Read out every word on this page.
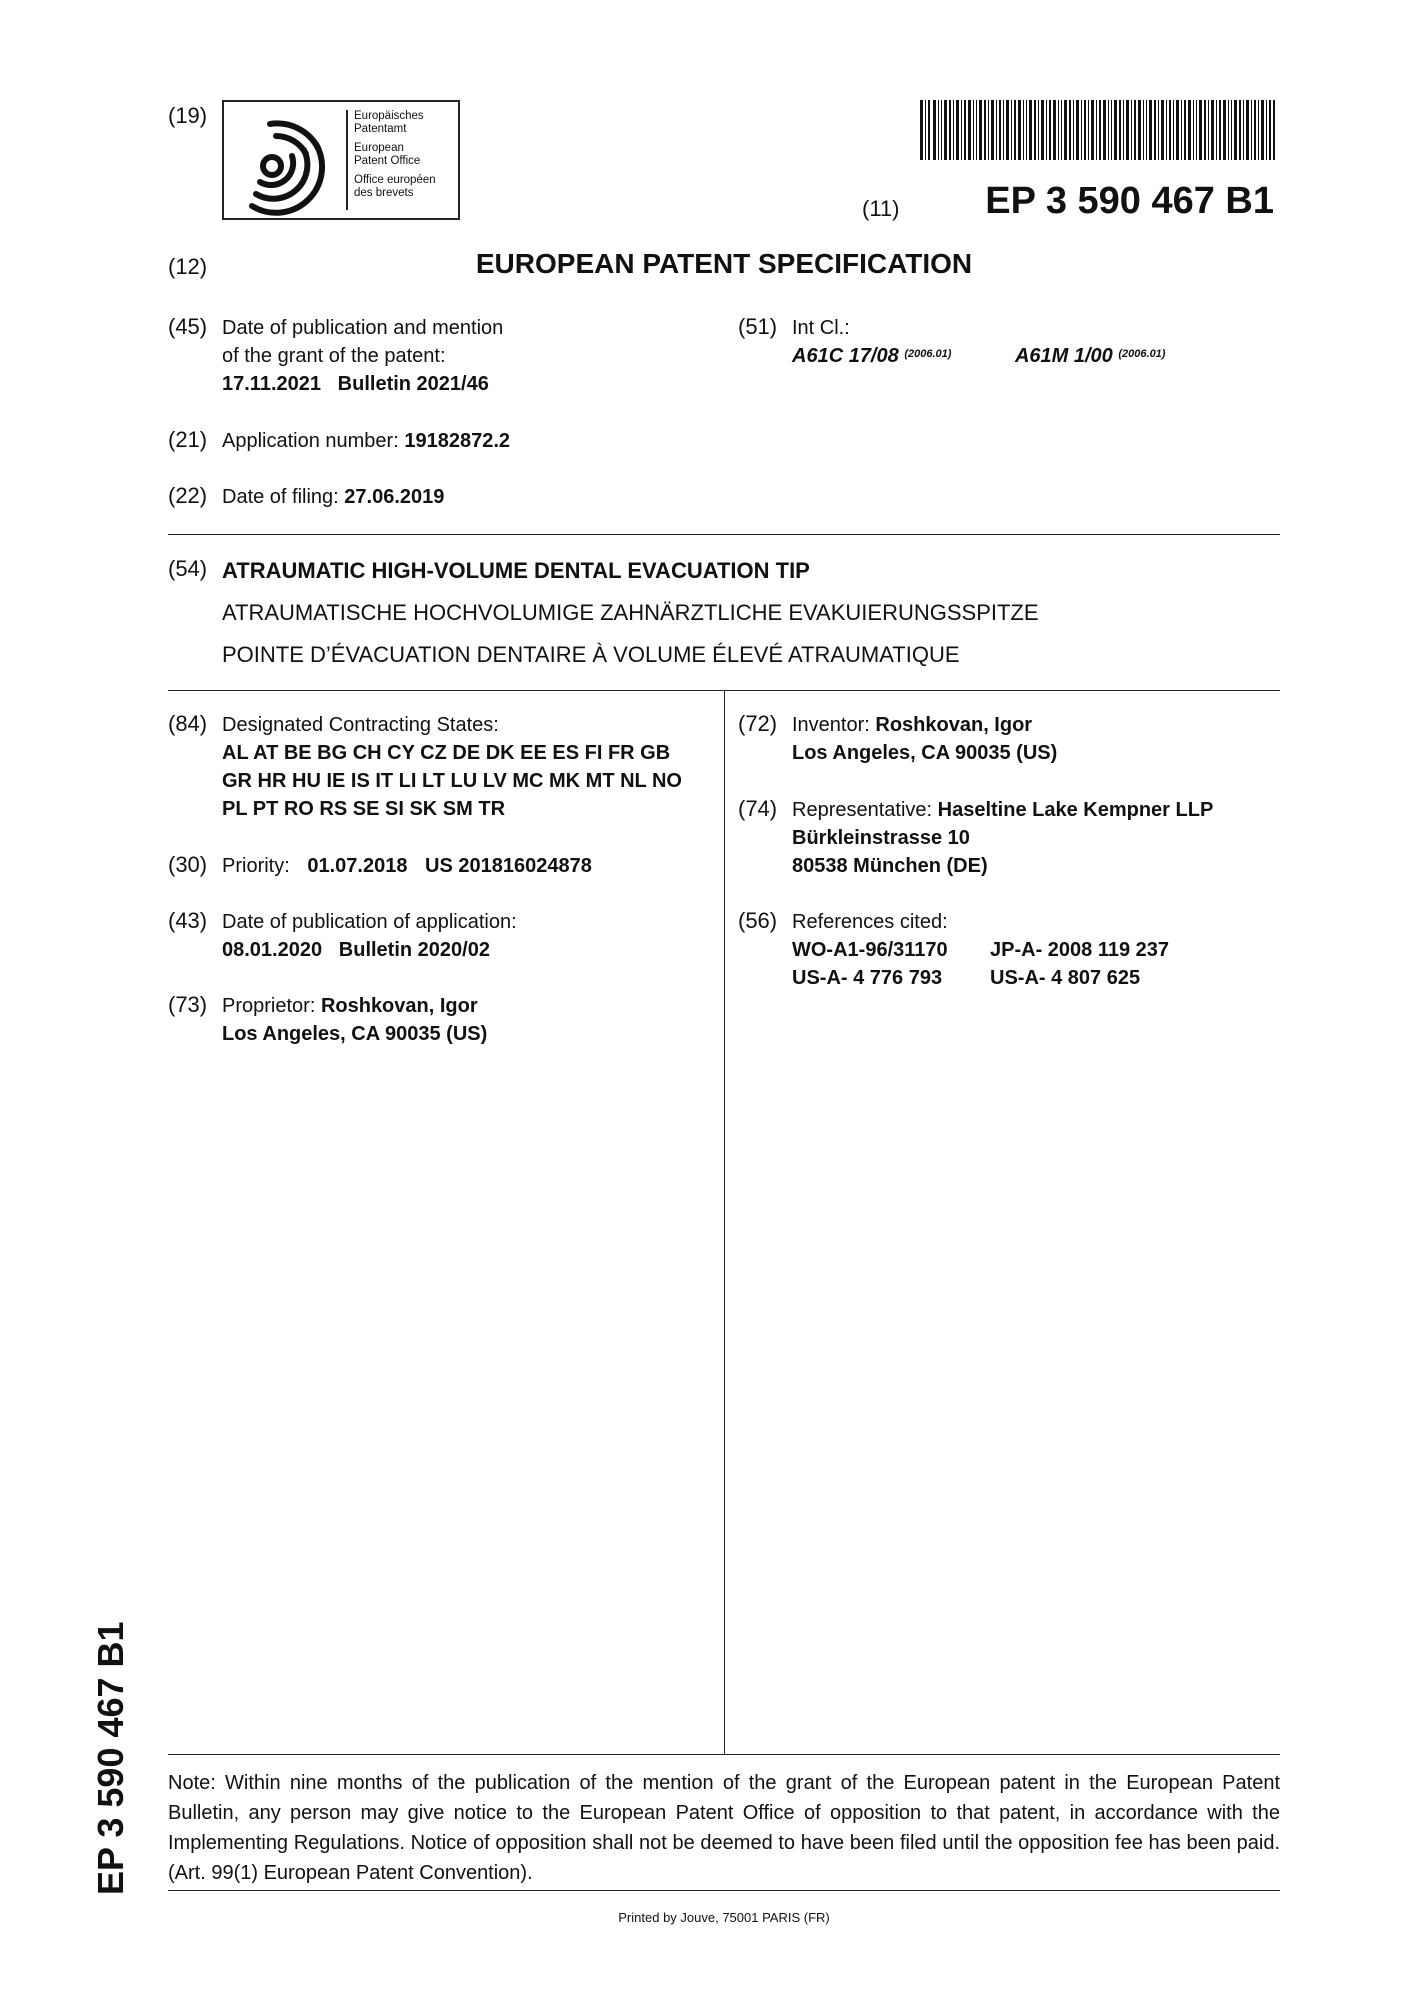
(19)	Europäisches
Patentamt
European
Patent Office
Office européen
des brevets
(11) EP 3 590 467 B1
(12)	EUROPEAN PATENT SPECIFICATION
(45) Date of publication and mention
of the grant of the patent:
17.11.2021 Bulletin 2021/46
(51) Int Cl.:
A61C 17/08 $^{(2006.01)}$	A61M 1/00 $^{(2006.01)}$
(21) Application number: 19182872.2
(22) Date of filing: 27.06.2019
(54) ATRAUMATIC HIGH-VOLUME DENTAL EVACUATION TIP
ATRAUMATISCHE HOCHVOLUMIGE ZAHNÄRZTLICHE EVAKUIERUNGSSPITZE
POINTE D’ÉVACUATION DENTAIRE À VOLUME ÉLEVÉ ATRAUMATIQUE
(84) Designated Contracting States:
AL AT BE BG CH CY CZ DE DK EE ES FI FR GB
GR HR HU IE IS IT LI LT LU LV MC MK MT NL NO
PL PT RO RS SE SI SK SM TR
(30) Priority: 01.07.2018 US 201816024878
(43) Date of publication of application:
08.01.2020 Bulletin 2020/02
(73) Proprietor: Roshkovan, Igor
Los Angeles, CA 90035 (US)
(72) Inventor: Roshkovan, Igor
Los Angeles, CA 90035 (US)
(74) Representative: Haseltine Lake Kempner LLP
Bürkleinstrasse 10
80538 München (DE)
(56) References cited:
WO-A1-96/31170	JP-A- 2008 119 237
US-A- 4 776 793	US-A- 4 807 625
EP 3 590 467 B1 Note: Within nine months of the publication of the mention of the grant of the European patent in the European Patent Bulletin, any person may give notice to the European Patent Office of opposition to that patent, in accordance with the Implementing Regulations. Notice of opposition shall not be deemed to have been filed until the opposition fee has been paid. (Art. 99(1) European Patent Convention).
Printed by Jouve, 75001 PARIS (FR)
